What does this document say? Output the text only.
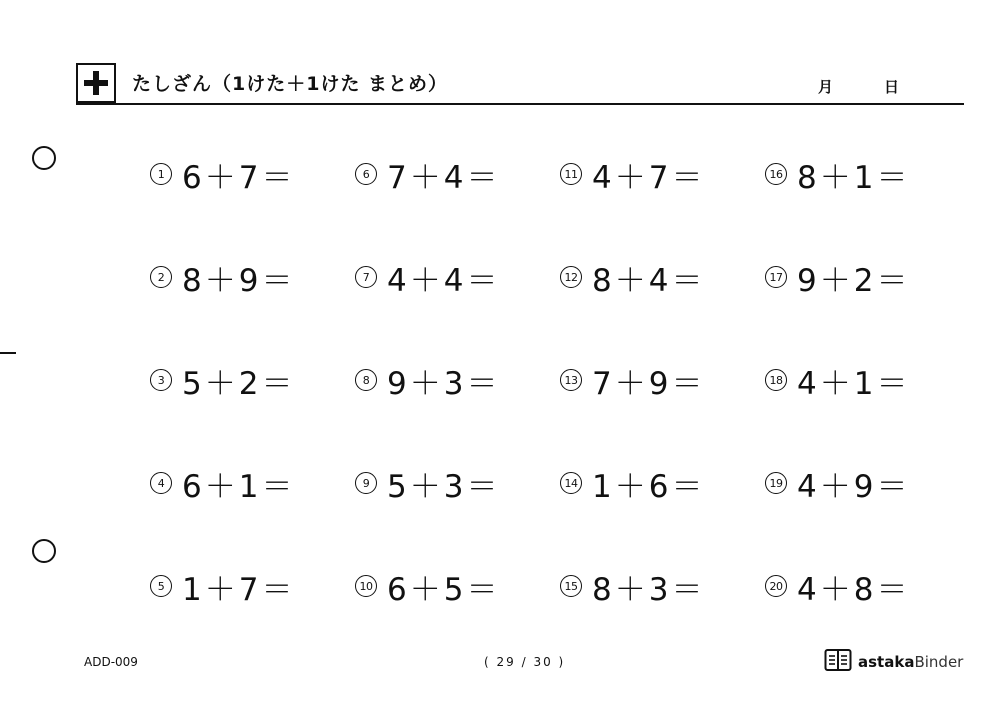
たしざん（1けた＋1けた まとめ）	月	日
1 6＋7＝
2 8＋9＝
3 5＋2＝
4 6＋1＝
5 1＋7＝
6 7＋4＝
7 4＋4＝
8 9＋3＝
9 5＋3＝
10 6＋5＝
11 4＋7＝
12 8＋4＝
13 7＋9＝
14 1＋6＝
15 8＋3＝
16 8＋1＝
17 9＋2＝
18 4＋1＝
19 4＋9＝
20 4＋8＝
ADD-009	( 29 / 30 )	astakaBinder
